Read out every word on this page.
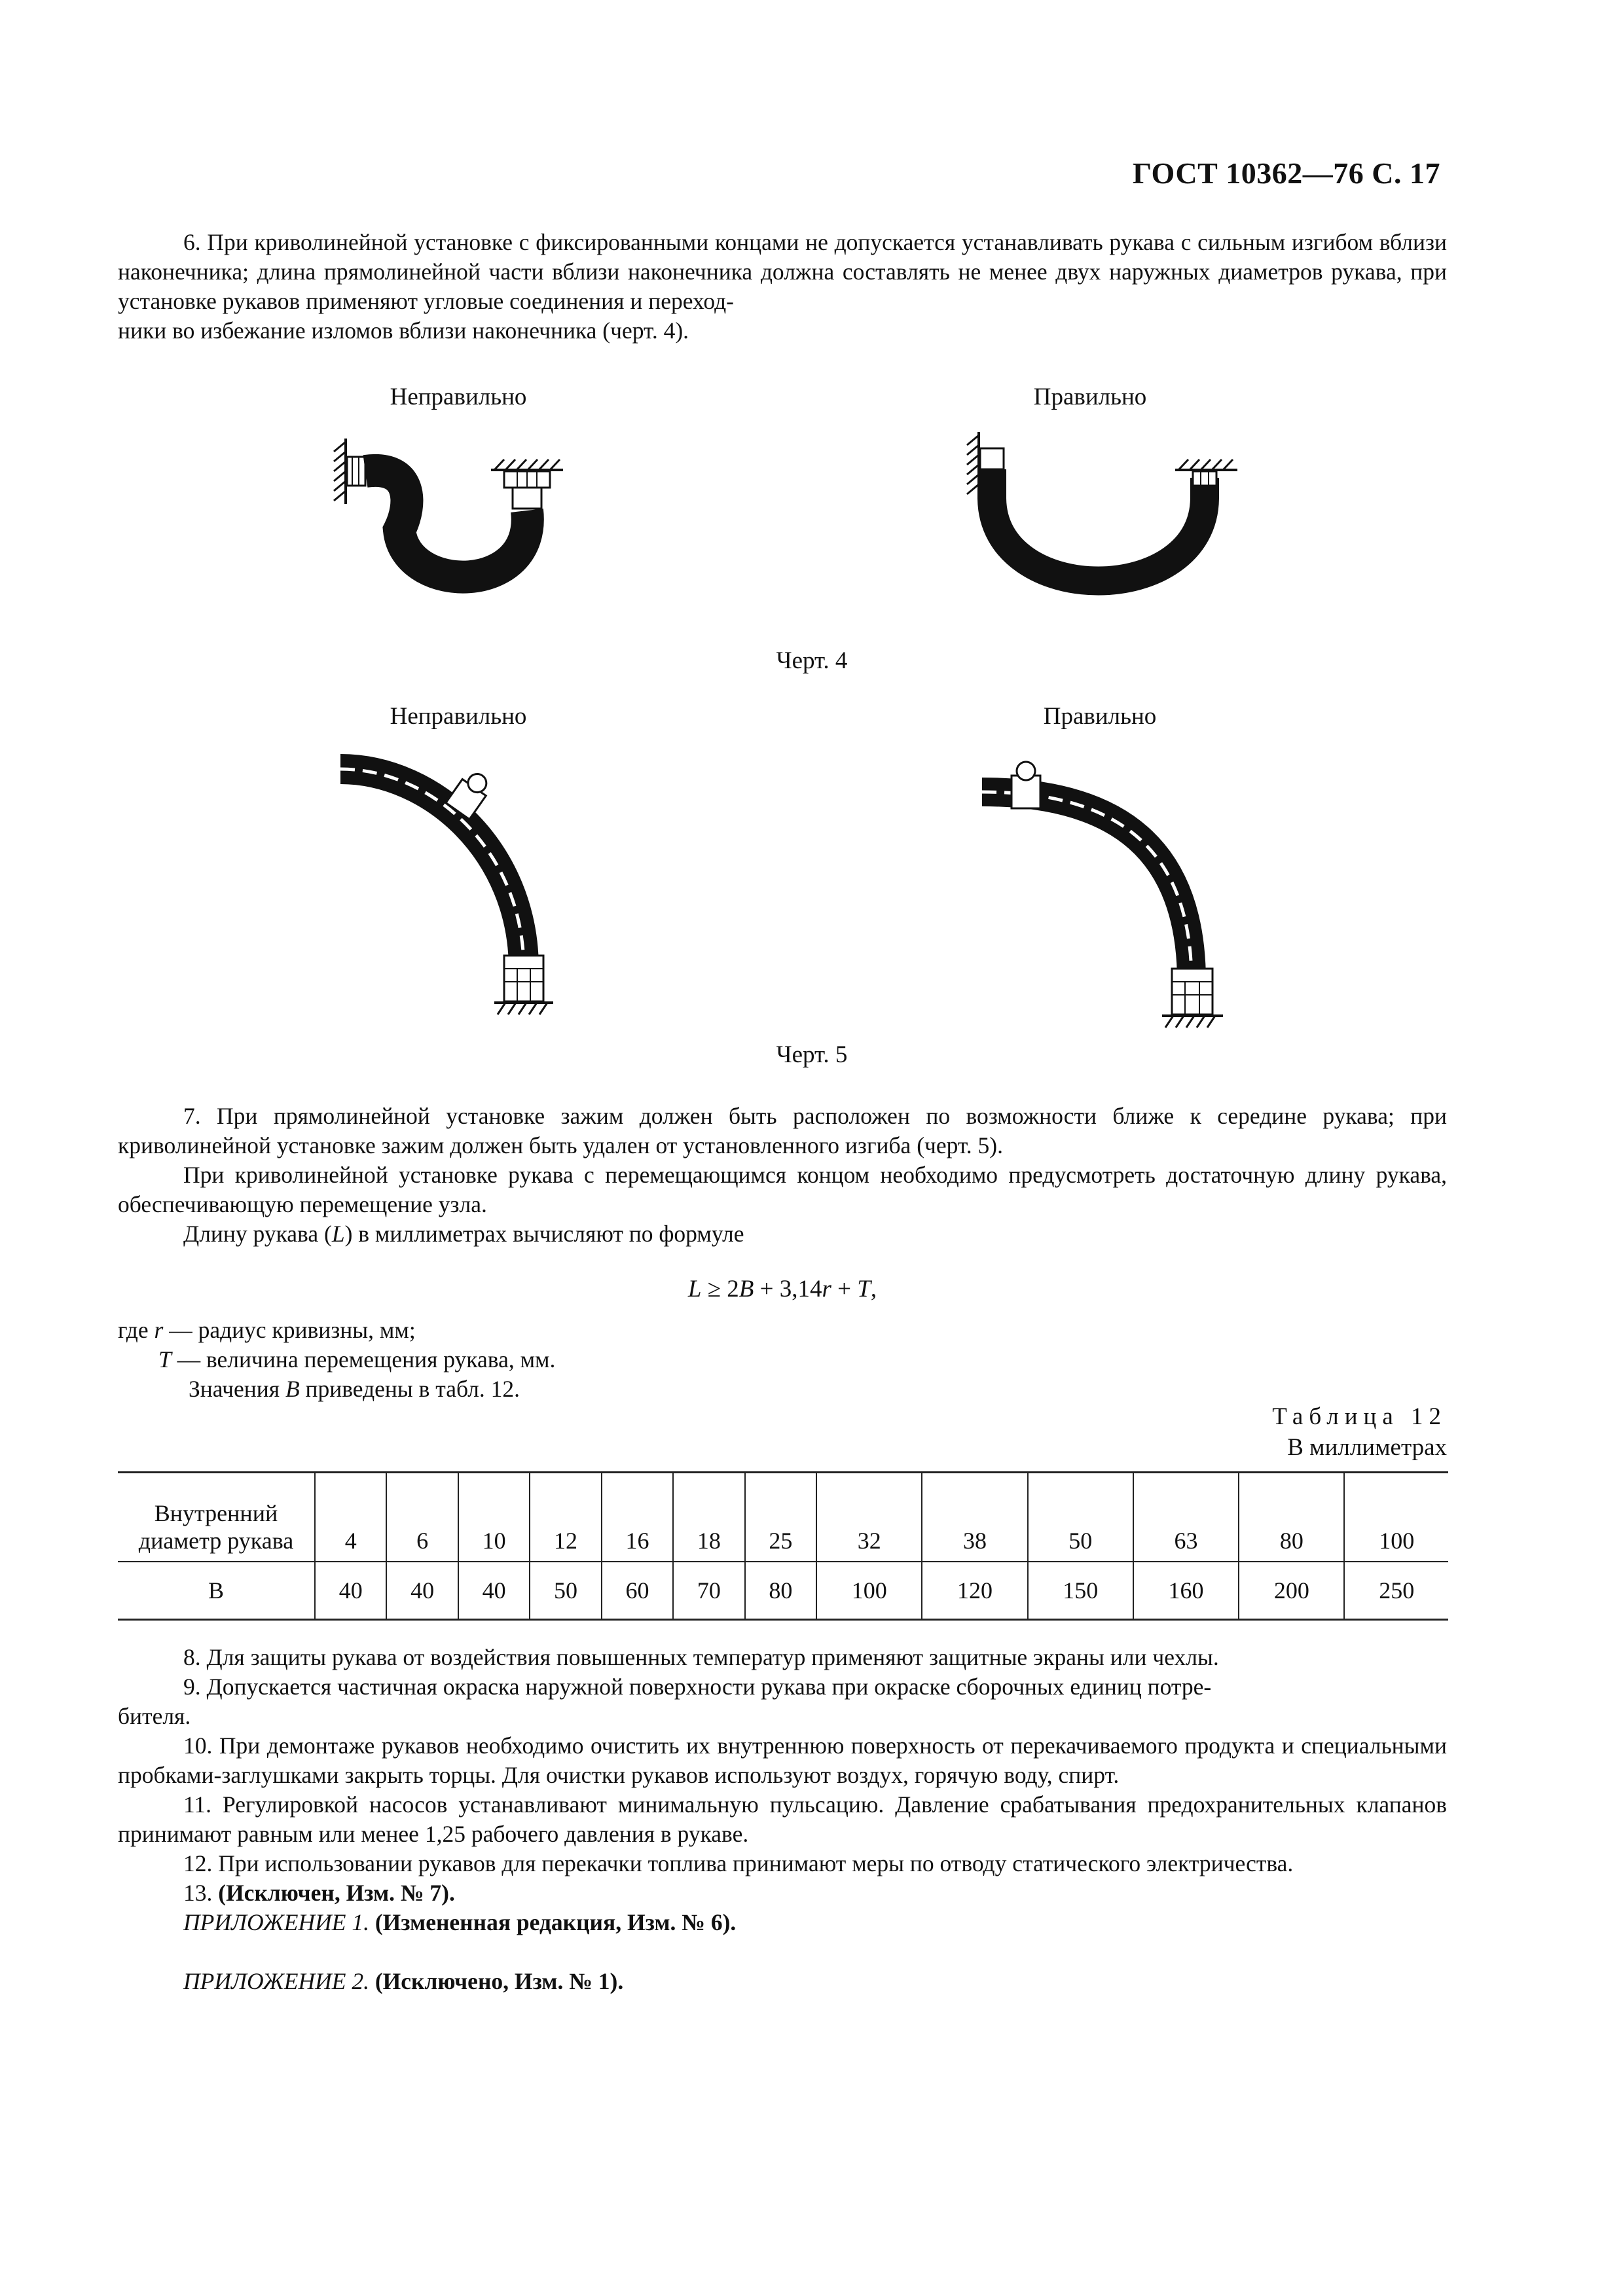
ГОСТ 10362—76 С. 17

6. При криволинейной установке с фиксированными концами не допускается устанавливать рукава с сильным изгибом вблизи наконечника; длина прямолинейной части вблизи наконечника должна составлять не менее двух наружных диаметров рукава, при установке рукавов применяют угловые соединения и переход-

ники во избежание изломов вблизи наконечника (черт. 4).

Неправильно	Правильно
Черт. 4
Неправильно	Правильно
Черт. 5

7. При прямолинейной установке зажим должен быть расположен по возможности ближе к середине рукава; при криволинейной установке зажим должен быть удален от установленного изгиба (черт. 5).

При криволинейной установке рукава с перемещающимся концом необходимо предусмотреть достаточную длину рукава, обеспечивающую перемещение узла.

Длину рукава (L) в миллиметрах вычисляют по формуле

L ≥ 2B + 3,14r + T,
где r — радиус кривизны, мм;
T — величина перемещения рукава, мм.
Значения B приведены в табл. 12.
Таблица 12
В миллиметрах
Внутренний
диаметр рукава	4	6	10	12	16	18	25	32	38	50	63	80	100
В	40	40	40	50	60	70	80	100	120	150	160	200	250

8. Для защиты рукава от воздействия повышенных температур применяют защитные экраны или чехлы.

9. Допускается частичная окраска наружной поверхности рукава при окраске сборочных единиц потре-

бителя.

10. При демонтаже рукавов необходимо очистить их внутреннюю поверхность от перекачиваемого продукта и специальными пробками-заглушками закрыть торцы. Для очистки рукавов используют воздух, горячую воду, спирт.

11. Регулировкой насосов устанавливают минимальную пульсацию. Давление срабатывания предохранительных клапанов принимают равным или менее 1,25 рабочего давления в рукаве.

12. При использовании рукавов для перекачки топлива принимают меры по отводу статического электричества.

13. (Исключен, Изм. № 7).

ПРИЛОЖЕНИЕ 1. (Измененная редакция, Изм. № 6).

ПРИЛОЖЕНИЕ 2. (Исключено, Изм. № 1).
